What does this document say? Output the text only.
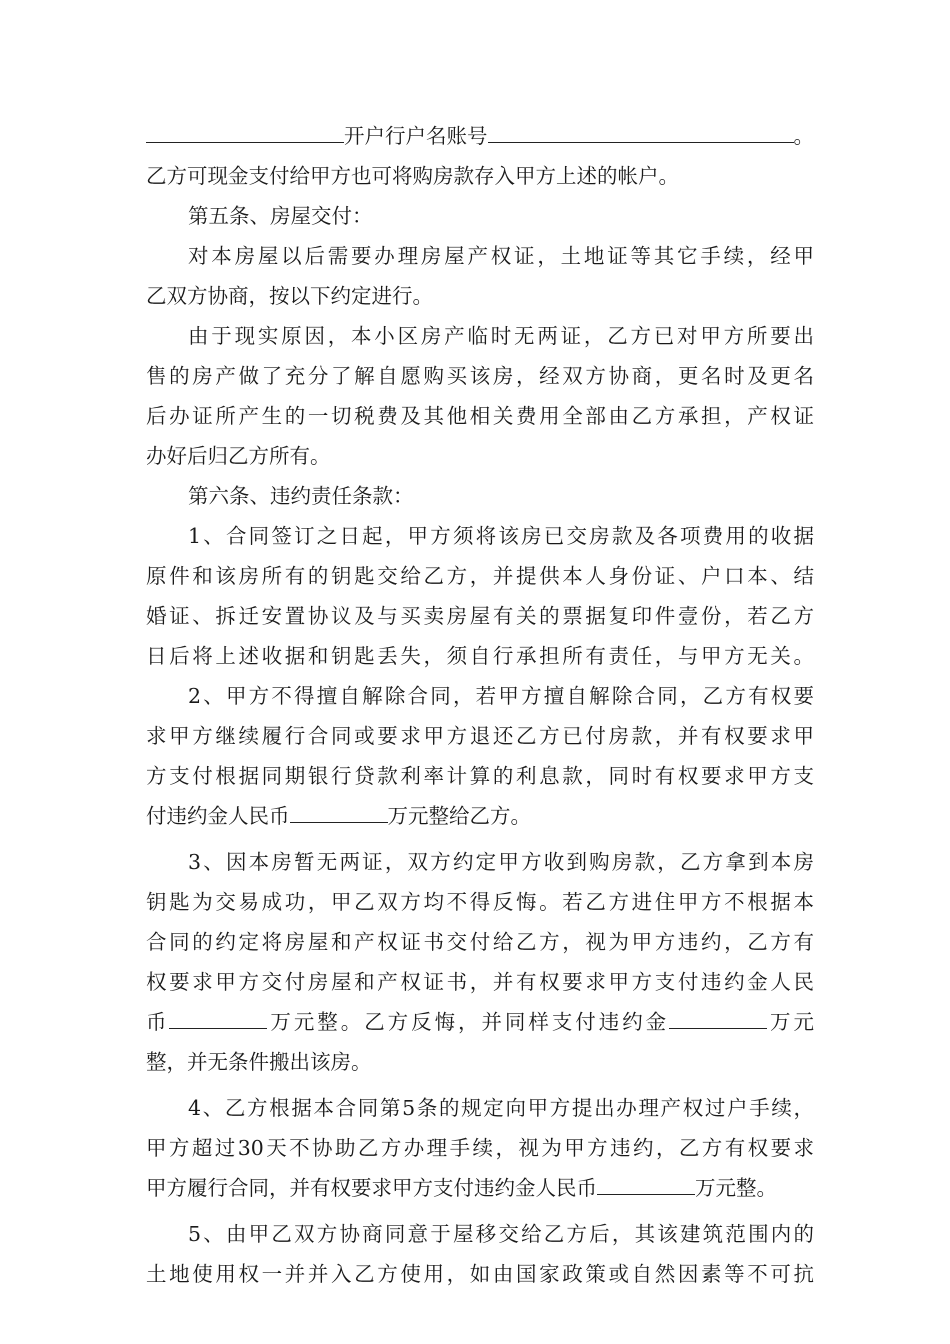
开户行户名账号	。
乙方可现金支付给甲方也可将购房款存入甲方上述的帐户。
第五条、房屋交付：
对本房屋以后需要办理房屋产权证，土地证等其它手续，经甲
乙双方协商，按以下约定进行。
由于现实原因，本小区房产临时无两证，乙方已对甲方所要出
售的房产做了充分了解自愿购买该房，经双方协商，更名时及更名
后办证所产生的一切税费及其他相关费用全部由乙方承担，产权证
办好后归乙方所有。
第六条、违约责任条款：
1、合同签订之日起，甲方须将该房已交房款及各项费用的收据
原件和该房所有的钥匙交给乙方，并提供本人身份证、户口本、结
婚证、拆迁安置协议及与买卖房屋有关的票据复印件壹份，若乙方
日后将上述收据和钥匙丢失，须自行承担所有责任，与甲方无关。
2、甲方不得擅自解除合同，若甲方擅自解除合同，乙方有权要
求甲方继续履行合同或要求甲方退还乙方已付房款，并有权要求甲
方支付根据同期银行贷款利率计算的利息款，同时有权要求甲方支
付违约金人民币	万元整给乙方。
3、因本房暂无两证，双方约定甲方收到购房款，乙方拿到本房
钥匙为交易成功，甲乙双方均不得反悔。若乙方进住甲方不根据本
合同的约定将房屋和产权证书交付给乙方，视为甲方违约，乙方有
权要求甲方交付房屋和产权证书，并有权要求甲方支付违约金人民
币	万元整。乙方反悔，并同样支付违约金	万元
整，并无条件搬出该房。
4、乙方根据本合同第5条的规定向甲方提出办理产权过户手续，
甲方超过30天不协助乙方办理手续，视为甲方违约，乙方有权要求
甲方履行合同，并有权要求甲方支付违约金人民币	万元整。
5、由甲乙双方协商同意于屋移交给乙方后，其该建筑范围内的
土地使用权一并并入乙方使用，如由国家政策或自然因素等不可抗
